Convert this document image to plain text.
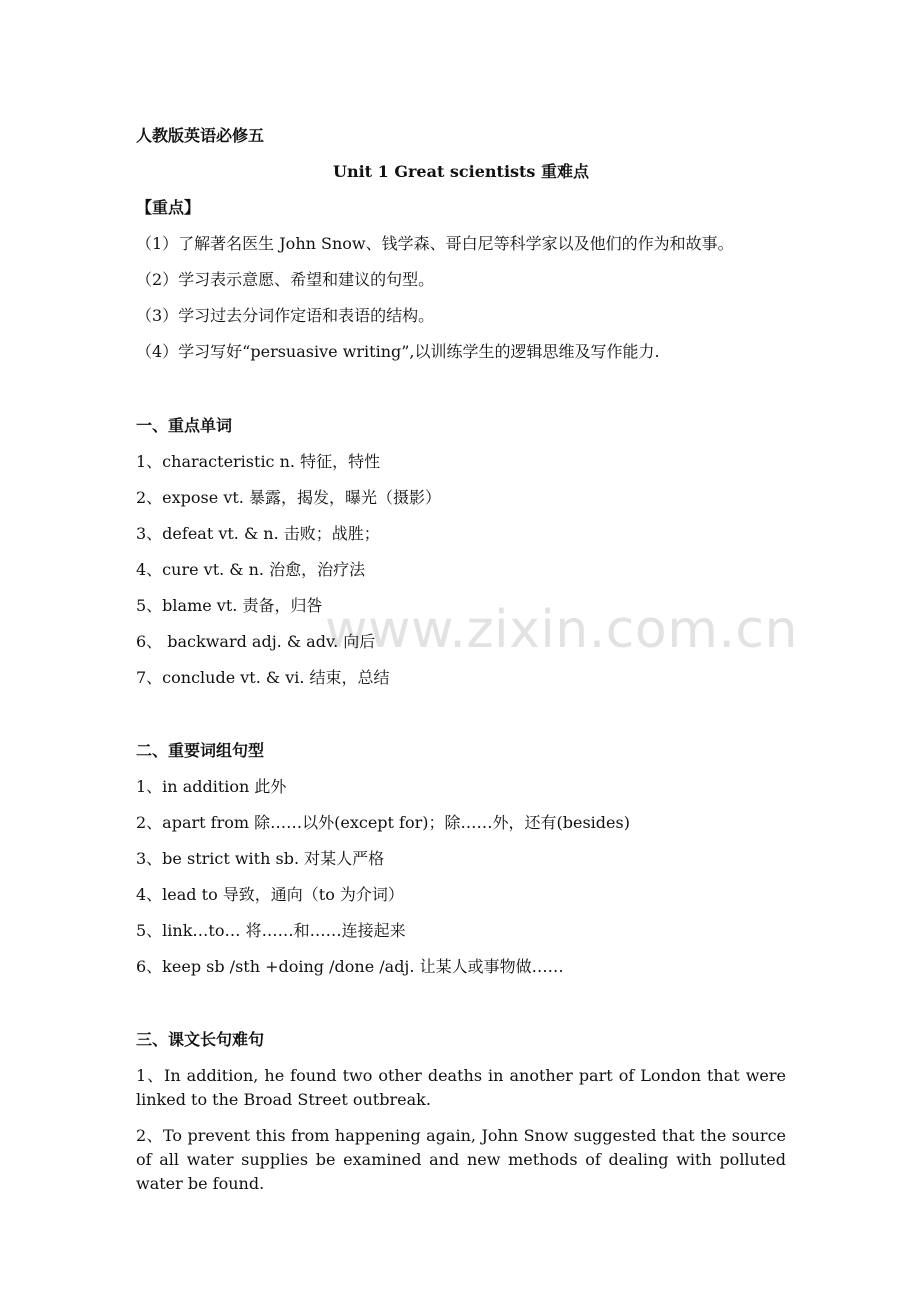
www.zixin.com.cn
人教版英语必修五
Unit 1 Great scientists 重难点
【重点】
（1）了解著名医生 John Snow、钱学森、哥白尼等科学家以及他们的作为和故事。
（2）学习表示意愿、希望和建议的句型。
（3）学习过去分词作定语和表语的结构。
（4）学习写好“persuasive writing”,以训练学生的逻辑思维及写作能力.
一、重点单词
1、characteristic n. 特征，特性
2、expose vt. 暴露，揭发，曝光（摄影）
3、defeat vt. & n. 击败；战胜；
4、cure vt. & n. 治愈，治疗法
5、blame vt. 责备，归咎
6、 backward adj. & adv. 向后
7、conclude vt. & vi. 结束，总结
二、重要词组句型
1、in addition 此外
2、apart from 除……以外(except for)；除……外，还有(besides)
3、be strict with sb. 对某人严格
4、lead to 导致，通向（to 为介词）
5、link…to… 将……和……连接起来
6、keep sb /sth +doing /done /adj. 让某人或事物做……
三、课文长句难句
1、In addition, he found two other deaths in another part of London that were linked to the Broad Street outbreak.
2、To prevent this from happening again, John Snow suggested that the source of all water supplies be examined and new methods of dealing with polluted water be found.
